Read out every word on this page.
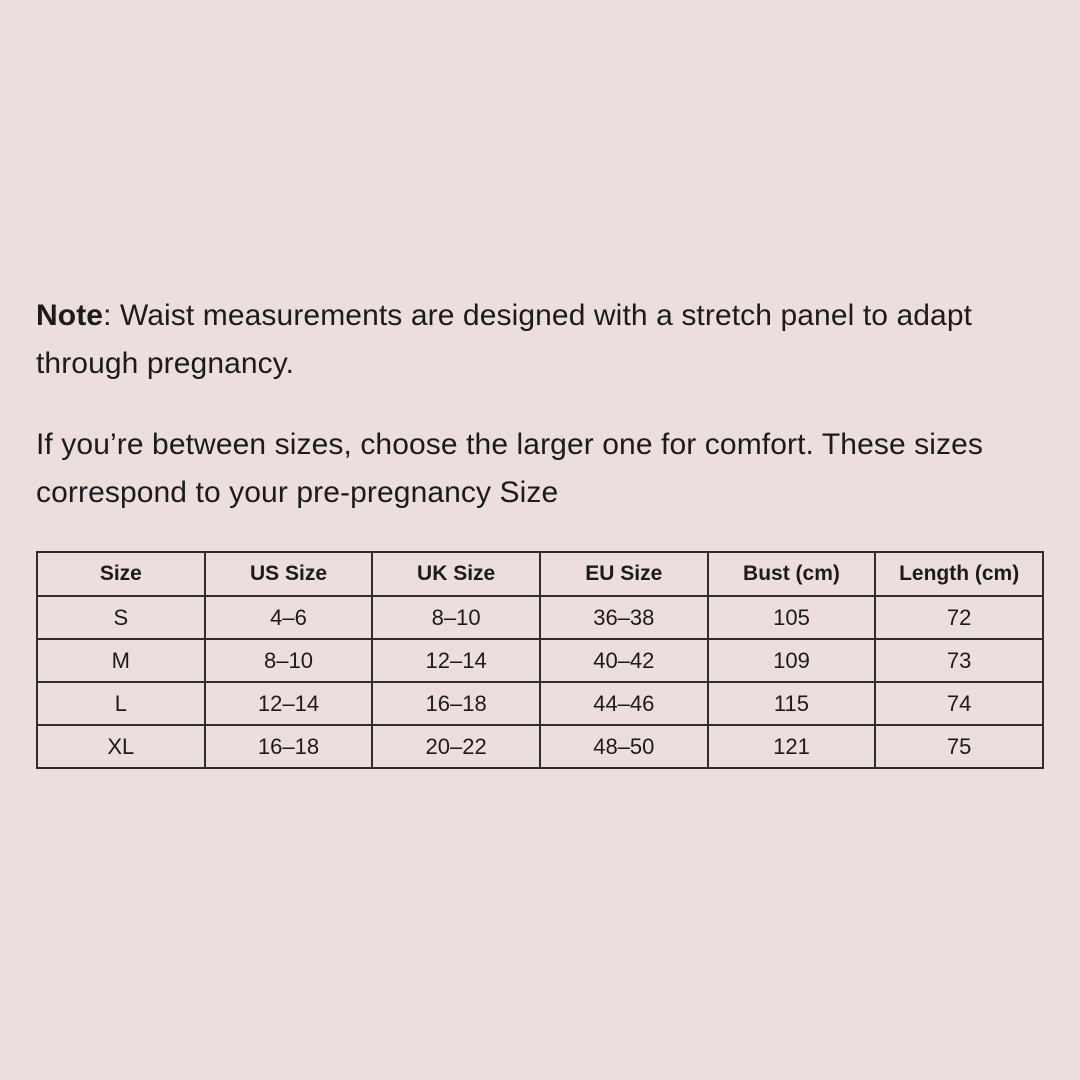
Note: Waist measurements are designed with a stretch panel to adapt through pregnancy.

If you’re between sizes, choose the larger one for comfort. These sizes correspond to your pre-pregnancy Size

Size	US Size	UK Size	EU Size	Bust (cm)	Length (cm)
S	4–6	8–10	36–38	105	72
M	8–10	12–14	40–42	109	73
L	12–14	16–18	44–46	115	74
XL	16–18	20–22	48–50	121	75
